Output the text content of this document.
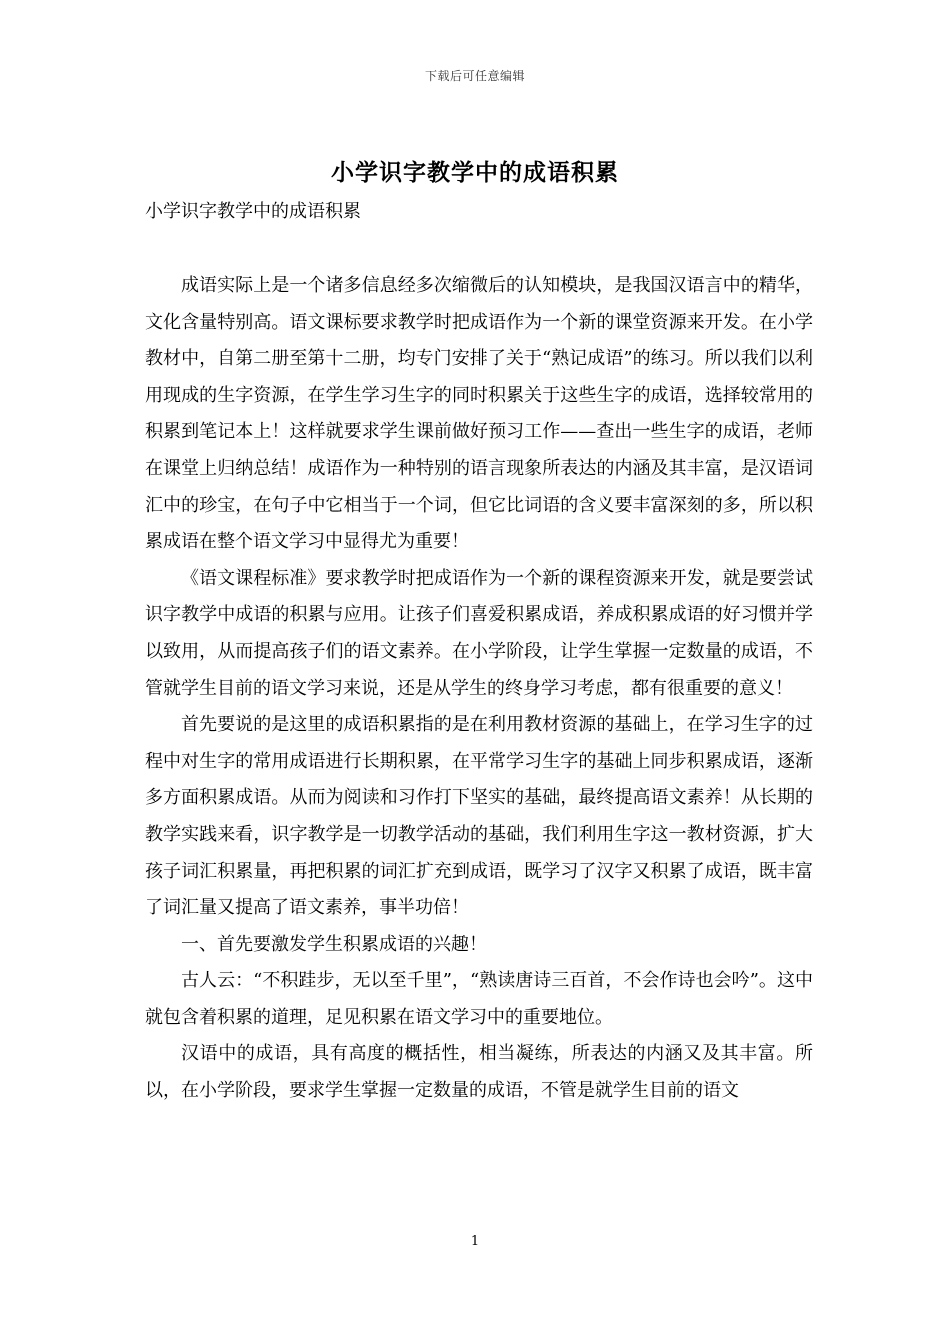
下载后可任意编辑
小学识字教学中的成语积累
小学识字教学中的成语积累

成语实际上是一个诸多信息经多次缩微后的认知模块，是我国汉语言中的精华，文化含量特别高。语文课标要求教学时把成语作为一个新的课堂资源来开发。在小学教材中，自第二册至第十二册，均专门安排了关于“熟记成语”的练习。所以我们以利用现成的生字资源，在学生学习生字的同时积累关于这些生字的成语，选择较常用的积累到笔记本上！这样就要求学生课前做好预习工作——查出一些生字的成语，老师在课堂上归纳总结！成语作为一种特别的语言现象所表达的内涵及其丰富，是汉语词汇中的珍宝，在句子中它相当于一个词，但它比词语的含义要丰富深刻的多，所以积累成语在整个语文学习中显得尤为重要！

《语文课程标准》要求教学时把成语作为一个新的课程资源来开发，就是要尝试识字教学中成语的积累与应用。让孩子们喜爱积累成语，养成积累成语的好习惯并学以致用，从而提高孩子们的语文素养。在小学阶段，让学生掌握一定数量的成语，不管就学生目前的语文学习来说，还是从学生的终身学习考虑，都有很重要的意义！

首先要说的是这里的成语积累指的是在利用教材资源的基础上，在学习生字的过程中对生字的常用成语进行长期积累，在平常学习生字的基础上同步积累成语，逐渐多方面积累成语。从而为阅读和习作打下坚实的基础，最终提高语文素养！从长期的教学实践来看，识字教学是一切教学活动的基础，我们利用生字这一教材资源，扩大孩子词汇积累量，再把积累的词汇扩充到成语，既学习了汉字又积累了成语，既丰富了词汇量又提高了语文素养，事半功倍！

一、首先要激发学生积累成语的兴趣！

古人云：“不积跬步，无以至千里”，“熟读唐诗三百首，不会作诗也会吟”。这中就包含着积累的道理，足见积累在语文学习中的重要地位。

汉语中的成语，具有高度的概括性，相当凝练，所表达的内涵又及其丰富。所以，在小学阶段，要求学生掌握一定数量的成语，不管是就学生目前的语文

1
